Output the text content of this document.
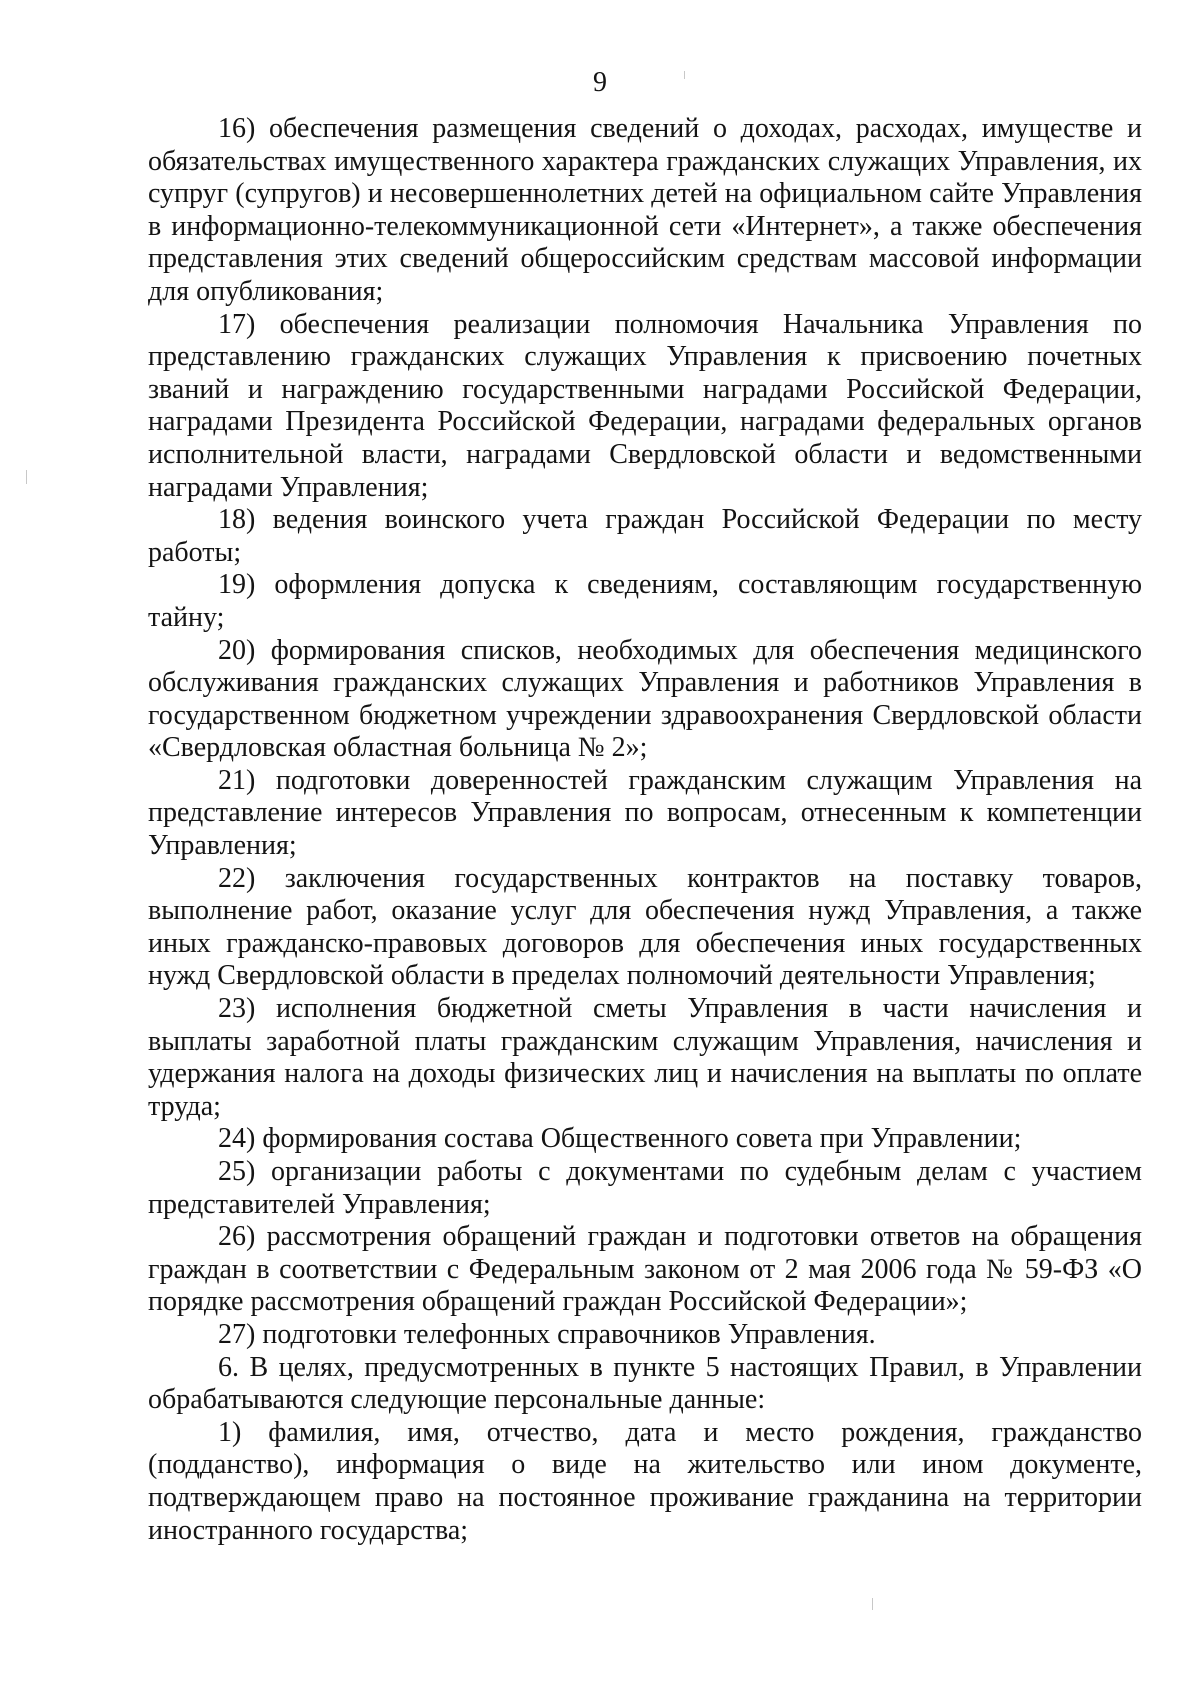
9

16) обеспечения размещения сведений о доходах, расходах, имуществе и обязательствах имущественного характера гражданских служащих Управления, их супруг (супругов) и несовершеннолетних детей на официальном сайте Управления в информационно-телекоммуникационной сети «Интернет», а также обеспечения представления этих сведений общероссийским средствам массовой информации для опубликования;

17) обеспечения реализации полномочия Начальника Управления по представлению гражданских служащих Управления к присвоению почетных званий и награждению государственными наградами Российской Федерации, наградами Президента Российской Федерации, наградами федеральных органов исполнительной власти, наградами Свердловской области и ведомственными наградами Управления;

18) ведения воинского учета граждан Российской Федерации по месту работы;

19) оформления допуска к сведениям, составляющим государственную тайну;

20) формирования списков, необходимых для обеспечения медицинского обслуживания гражданских служащих Управления и работников Управления в государственном бюджетном учреждении здравоохранения Свердловской области «Свердловская областная больница № 2»;

21) подготовки доверенностей гражданским служащим Управления на представление интересов Управления по вопросам, отнесенным к компетенции Управления;

22) заключения государственных контрактов на поставку товаров, выполнение работ, оказание услуг для обеспечения нужд Управления, а также иных гражданско-правовых договоров для обеспечения иных государственных нужд Свердловской области в пределах полномочий деятельности Управления;

23) исполнения бюджетной сметы Управления в части начисления и выплаты заработной платы гражданским служащим Управления, начисления и удержания налога на доходы физических лиц и начисления на выплаты по оплате труда;

24) формирования состава Общественного совета при Управлении;

25) организации работы с документами по судебным делам с участием представителей Управления;

26) рассмотрения обращений граждан и подготовки ответов на обращения граждан в соответствии с Федеральным законом от 2 мая 2006 года № 59-ФЗ «О порядке рассмотрения обращений граждан Российской Федерации»;

27) подготовки телефонных справочников Управления.

6. В целях, предусмотренных в пункте 5 настоящих Правил, в Управлении обрабатываются следующие персональные данные:

1) фамилия, имя, отчество, дата и место рождения, гражданство (подданство), информация о виде на жительство или ином документе, подтверждающем право на постоянное проживание гражданина на территории иностранного государства;
